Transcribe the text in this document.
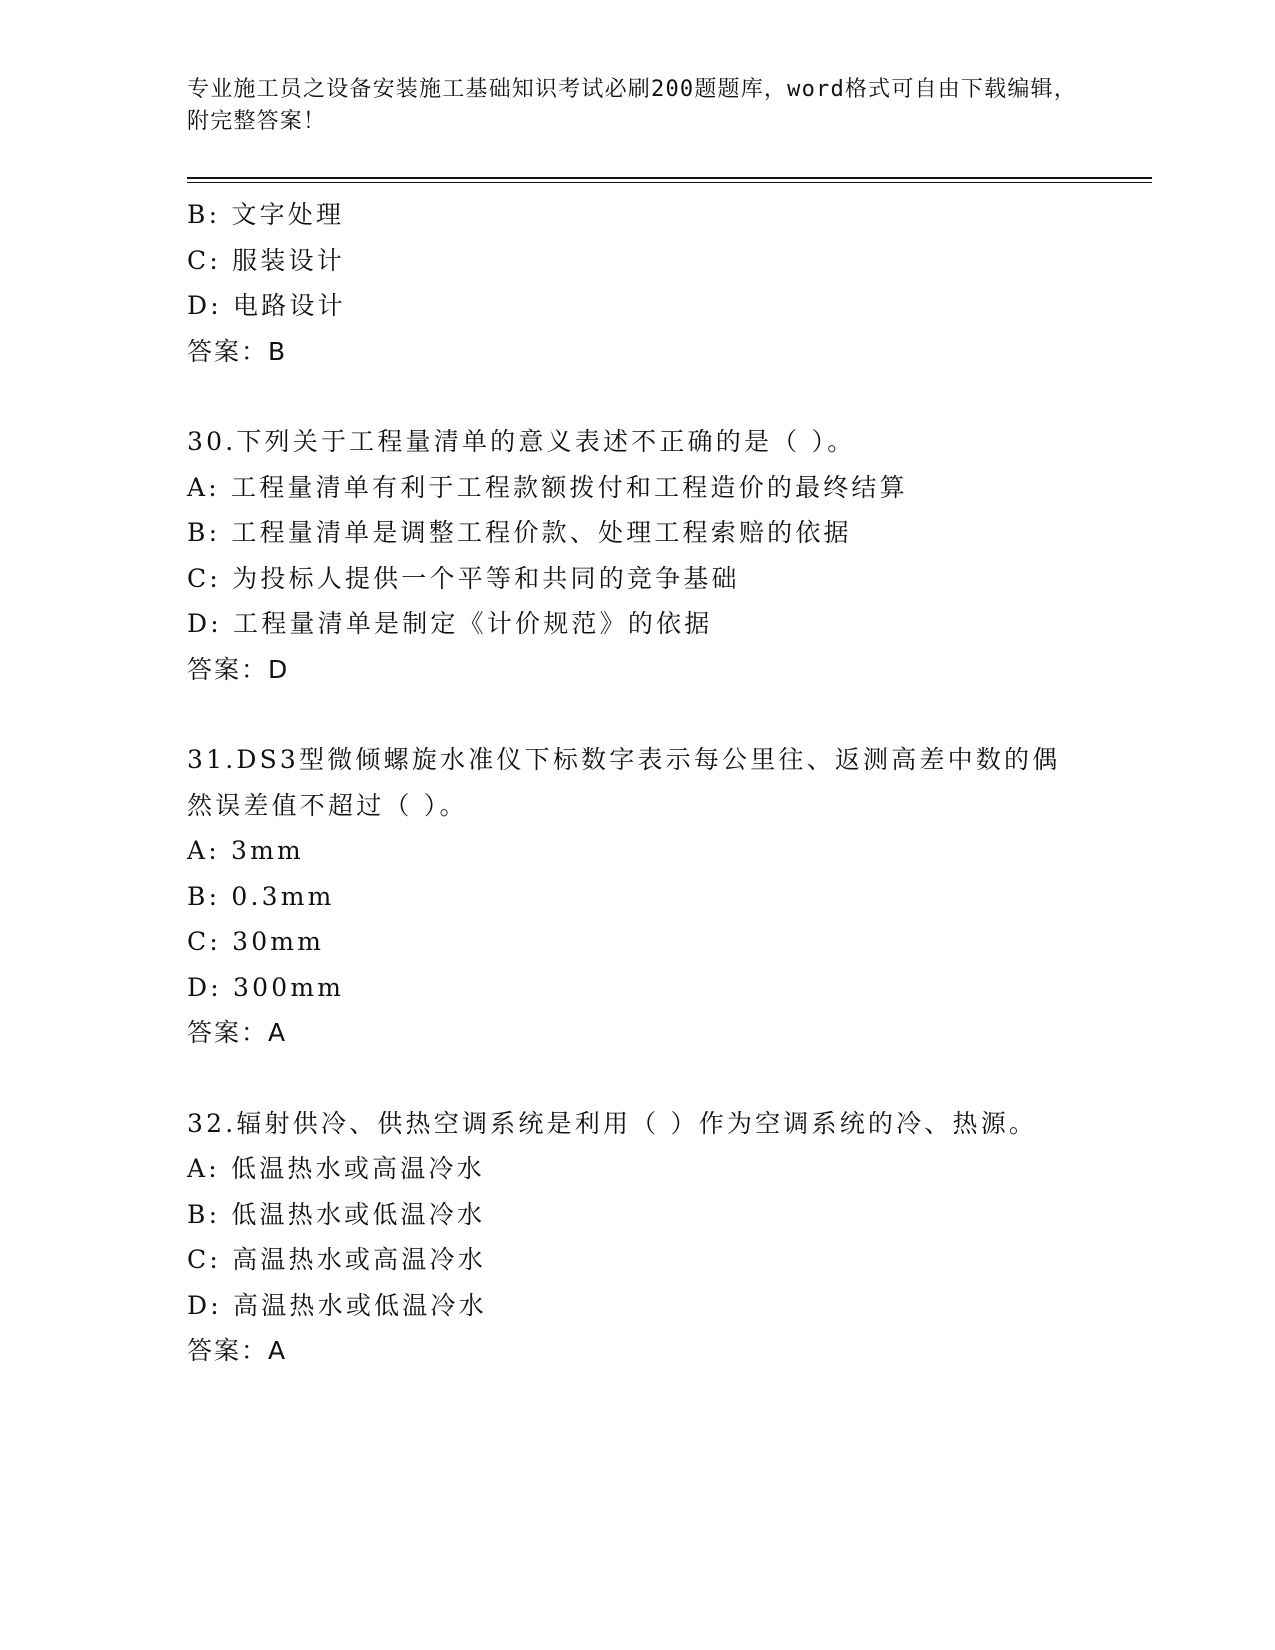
专业施工员之设备安装施工基础知识考试必刷200题题库，word格式可自由下载编辑，附完整答案！
B: 文字处理
C: 服装设计
D: 电路设计
答案：B
30.下列关于工程量清单的意义表述不正确的是（ ）。
A: 工程量清单有利于工程款额拨付和工程造价的最终结算
B: 工程量清单是调整工程价款、处理工程索赔的依据
C: 为投标人提供一个平等和共同的竞争基础
D: 工程量清单是制定《计价规范》的依据
答案：D
31.DS3型微倾螺旋水准仪下标数字表示每公里往、返测高差中数的偶然误差值不超过（ ）。
A: 3mm
B: 0.3mm
C: 30mm
D: 300mm
答案：A
32.辐射供冷、供热空调系统是利用（ ）作为空调系统的冷、热源。
A: 低温热水或高温冷水
B: 低温热水或低温冷水
C: 高温热水或高温冷水
D: 高温热水或低温冷水
答案：A
